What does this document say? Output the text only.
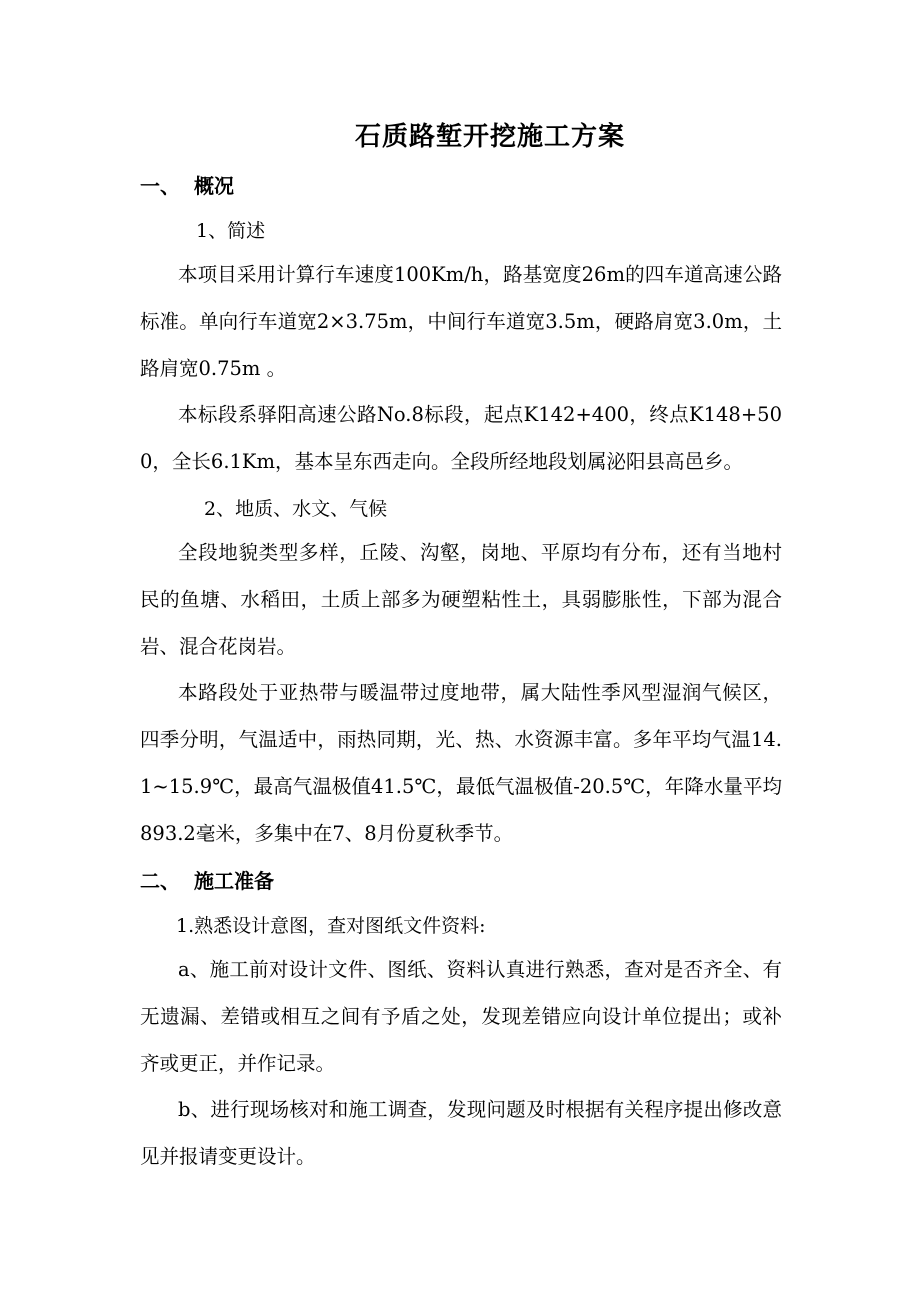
石质路堑开挖施工方案
一、 概况
1、简述
本项目采用计算行车速度100Km/h，路基宽度26m的四车道高速公路标准。单向行车道宽2×3.75m，中间行车道宽3.5m，硬路肩宽3.0m，土路肩宽0.75m 。
本标段系驿阳高速公路No.8标段，起点K142+400，终点K148+500，全长6.1Km，基本呈东西走向。全段所经地段划属泌阳县高邑乡。
2、地质、水文、气候
全段地貌类型多样，丘陵、沟壑，岗地、平原均有分布，还有当地村民的鱼塘、水稻田，土质上部多为硬塑粘性土，具弱膨胀性，下部为混合岩、混合花岗岩。
本路段处于亚热带与暖温带过度地带，属大陆性季风型湿润气候区，四季分明，气温适中，雨热同期，光、热、水资源丰富。多年平均气温14.1~15.9℃，最高气温极值41.5℃，最低气温极值-20.5℃，年降水量平均893.2毫米，多集中在7、8月份夏秋季节。
二、 施工准备
1.熟悉设计意图，查对图纸文件资料:
a、施工前对设计文件、图纸、资料认真进行熟悉，查对是否齐全、有无遗漏、差错或相互之间有予盾之处，发现差错应向设计单位提出；或补齐或更正，并作记录。
b、进行现场核对和施工调查，发现问题及时根据有关程序提出修改意见并报请变更设计。
